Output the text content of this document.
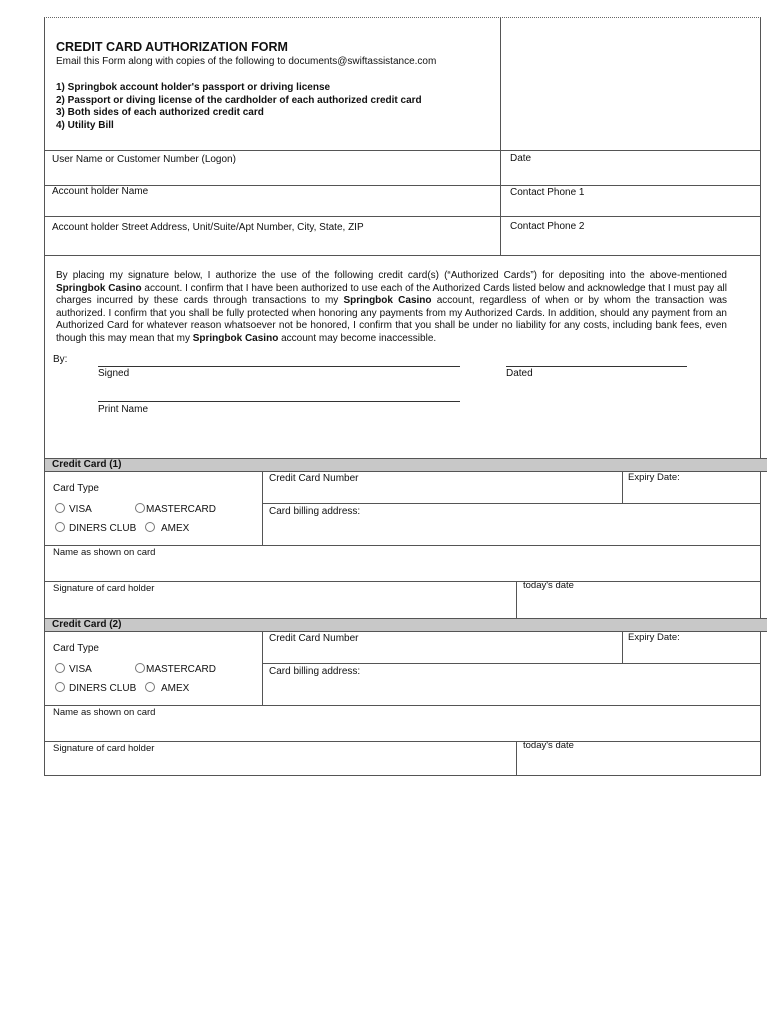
CREDIT CARD AUTHORIZATION FORM
Email this Form along with copies of the following to documents@swiftassistance.com
1) Springbok account holder's passport or driving license
2) Passport or diving license of the cardholder of each authorized credit card
3) Both sides of each authorized credit card
4) Utility Bill
User Name or Customer Number (Logon)	Date
Account holder Name	Contact Phone 1
Account holder Street Address, Unit/Suite/Apt Number, City, State, ZIP	Contact Phone 2
By placing my signature below, I authorize the use of the following credit card(s) (“Authorized Cards”) for depositing into the above-mentioned Springbok Casino account. I confirm that I have been authorized to use each of the Authorized Cards listed below and acknowledge that I must pay all charges incurred by these cards through transactions to my Springbok Casino account, regardless of when or by whom the transaction was authorized. I confirm that you shall be fully protected when honoring any payments from my Authorized Cards. In addition, should any payment from an Authorized Card for whatever reason whatsoever not be honored, I confirm that you shall be under no liability for any costs, including bank fees, even though this may mean that my Springbok Casino account may become inaccessible.
By:
Signed	Dated
Print Name
Credit Card (1)
Card Type
VISA	MASTERCARD
DINERS CLUB	AMEX
Credit Card Number	Expiry Date:
Card billing address:
Name as shown on card
Signature of card holder	today's date
Credit Card (2)
Card Type
VISA	MASTERCARD
DINERS CLUB	AMEX
Credit Card Number	Expiry Date:
Card billing address:
Name as shown on card
Signature of card holder	today's date
